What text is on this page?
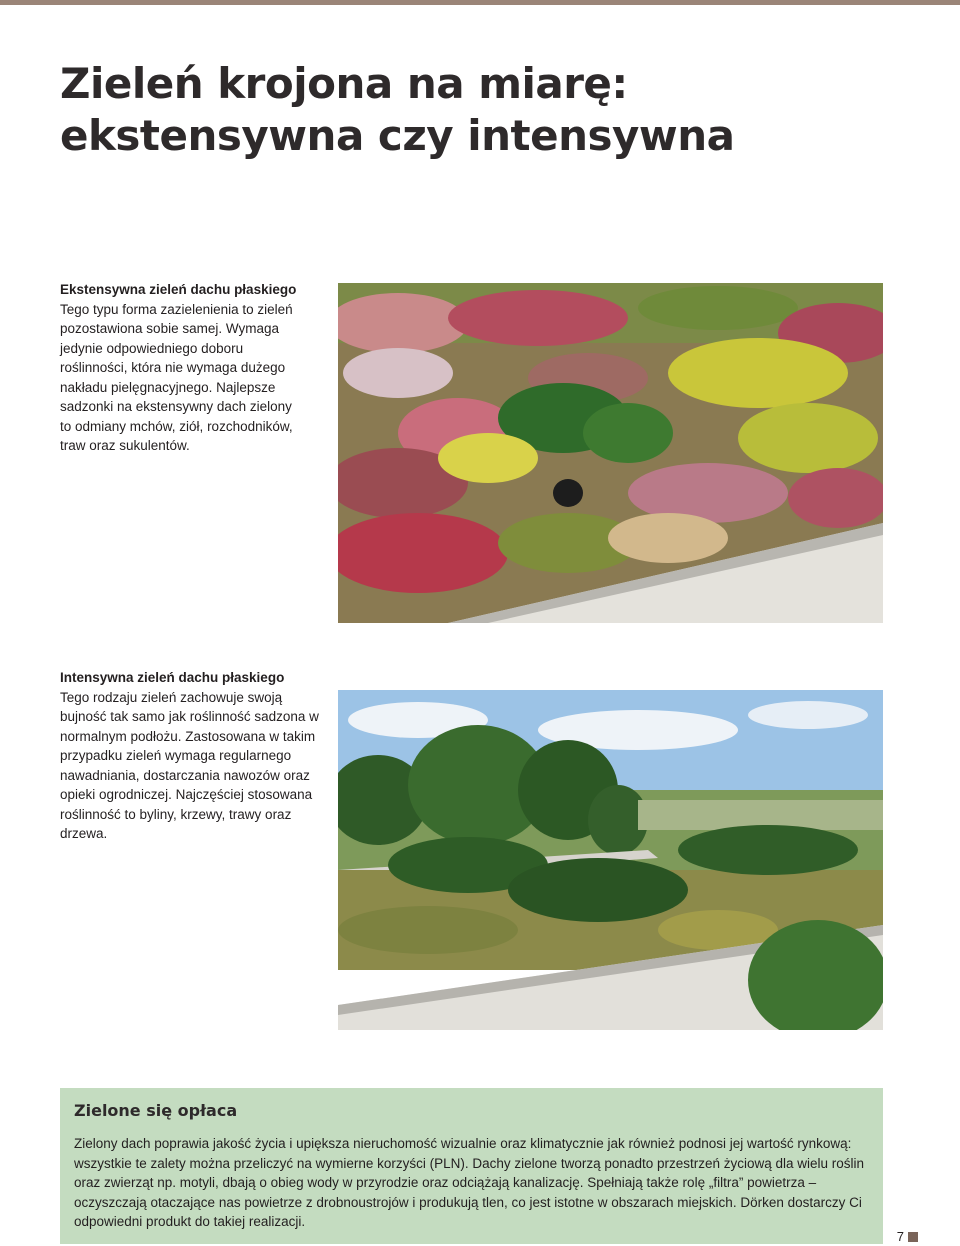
Zieleń krojona na miarę:
ekstensywna czy intensywna
Ekstensywna zieleń dachu płaskiego

Tego typu forma zazielenienia to zieleń pozostawiona sobie samej. Wymaga jedynie odpowiedniego doboru roślinności, która nie wymaga dużego nakładu pielęgnacyjnego. Najlepsze sadzonki na ekstensywny dach zielony to odmiany mchów, ziół, rozchodników, traw oraz sukulentów.

Intensywna zieleń dachu płaskiego

Tego rodzaju zieleń zachowuje swoją bujność tak samo jak roślinność sadzona w normalnym podłożu. Zastosowana w takim przypadku zieleń wymaga regularnego nawadniania, dostarczania nawozów oraz opieki ogrodniczej. Najczęściej stosowana roślinność to byliny, krzewy, trawy oraz drzewa.

Zielone się opłaca

Zielony dach poprawia jakość życia i upiększa nieruchomość wizualnie oraz klimatycznie jak również podnosi jej wartość rynkową: wszystkie te zalety można przeliczyć na wymierne korzyści (PLN). Dachy zielone tworzą ponadto przestrzeń życiową dla wielu roślin oraz zwierząt np. motyli, dbają o obieg wody w przyrodzie oraz odciążają kanalizację. Spełniają także rolę „filtra” powietrza – oczyszczają otaczające nas powietrze z drobnoustrojów i produkują tlen, co jest istotne w obszarach miejskich. Dörken dostarczy Ci odpowiedni produkt do takiej realizacji.

7
